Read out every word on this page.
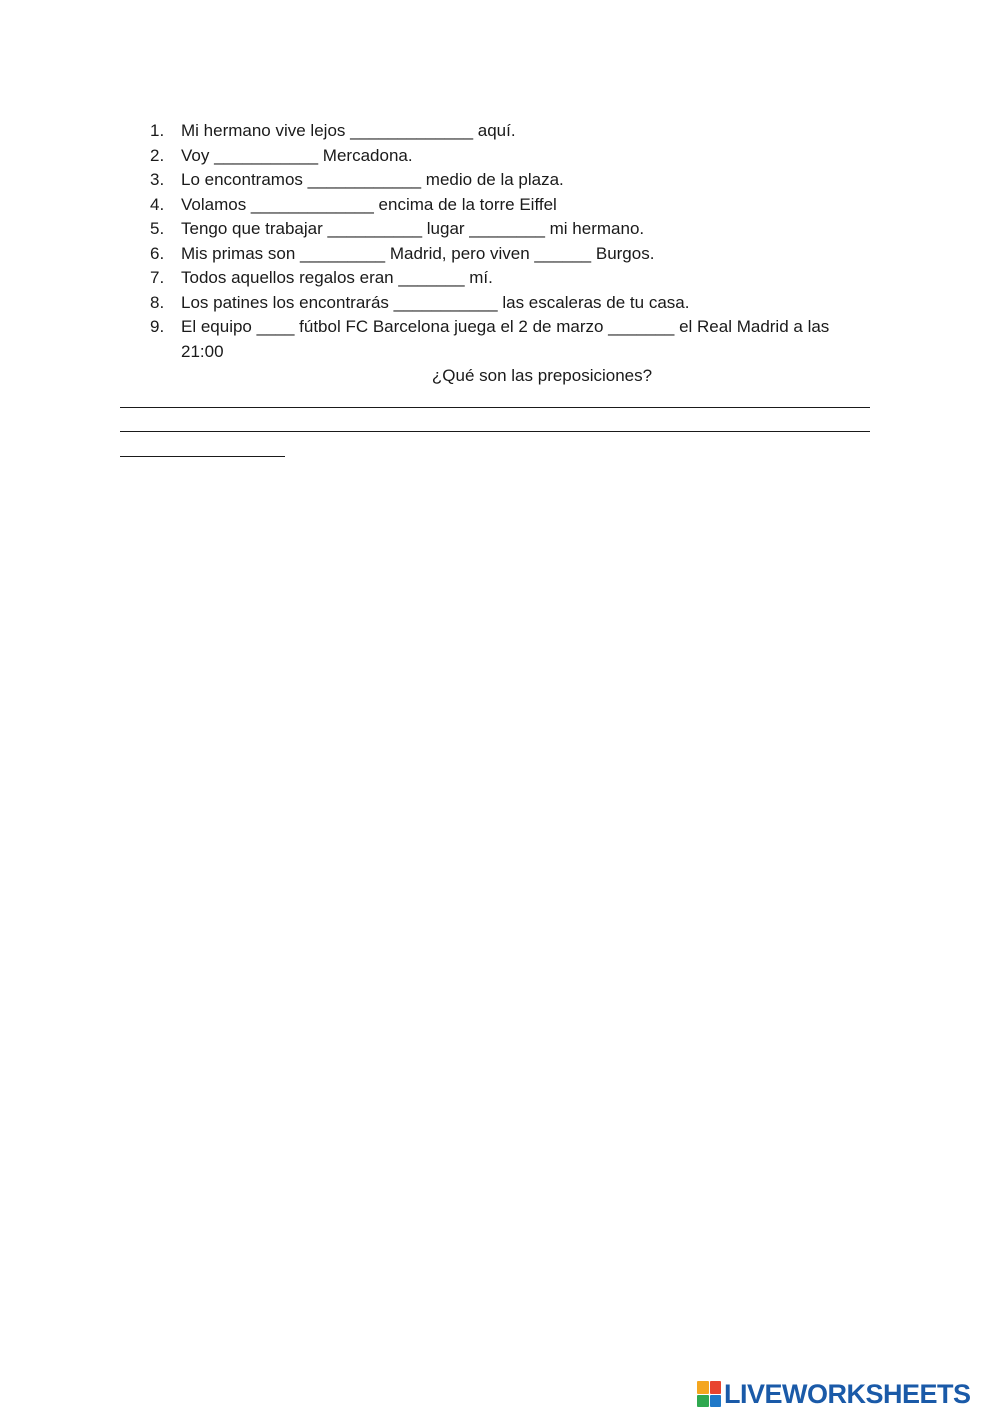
1. Mi hermano vive lejos _____________ aquí.
2. Voy ___________ Mercadona.
3. Lo encontramos ____________ medio de la plaza.
4. Volamos _____________ encima de la torre Eiffel
5. Tengo que trabajar __________ lugar ________ mi hermano.
6. Mis primas son _________ Madrid, pero viven ______ Burgos.
7. Todos aquellos regalos eran _______ mí.
8. Los patines los encontrarás ___________ las escaleras de tu casa.
9. El equipo ____ fútbol FC Barcelona juega el 2 de marzo _______ el Real Madrid a las 21:00
¿Qué son las preposiciones?
LIVEWORKSHEETS
